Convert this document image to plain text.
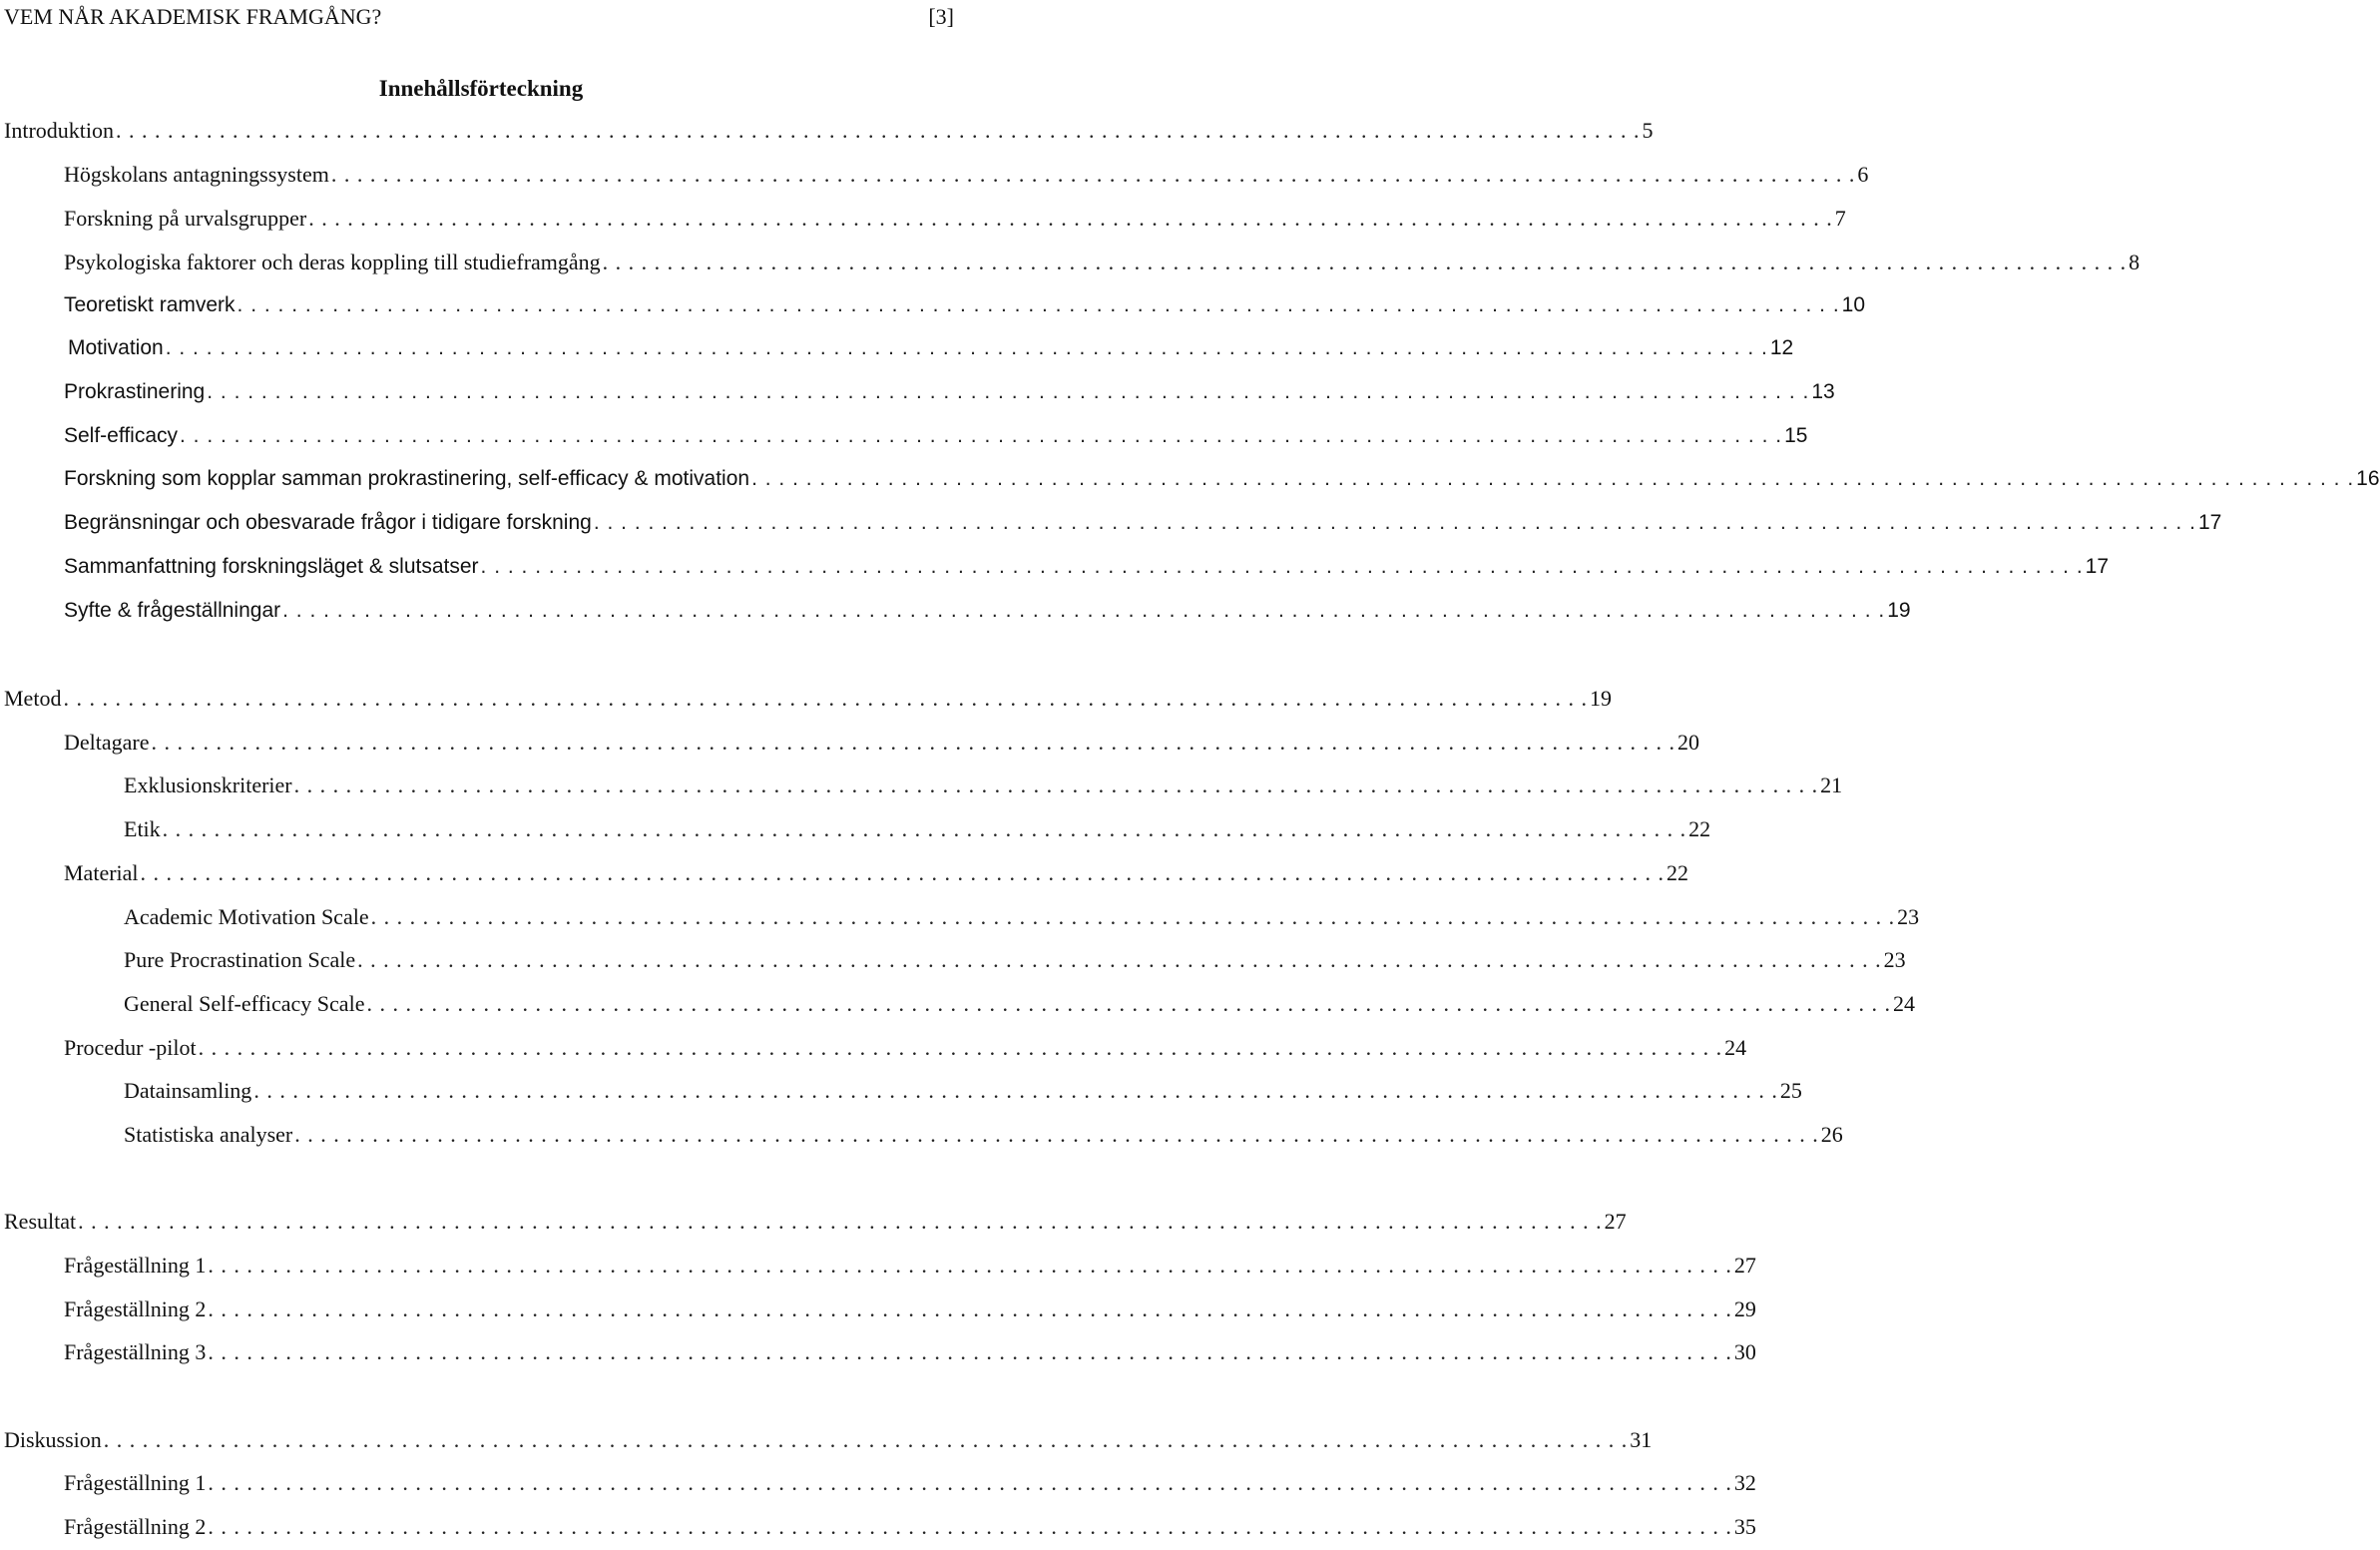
VEM NÅR AKADEMISK FRAMGÅNG?	[3]
Innehållsförteckning
Introduktion . . .	5
Högskolans antagningssystem . . .	6
Forskning på urvalsgrupper . . .	7
Psykologiska faktorer och deras koppling till studieframgång . . .	8
Teoretiskt ramverk . . .	10
Motivation . . .	12
Prokrastinering . . .	13
Self-efficacy . . .	15
Forskning som kopplar samman prokrastinering, self-efficacy & motivation . . .	16
Begränsningar och obesvarade frågor i tidigare forskning . . .	17
Sammanfattning forskningsläget & slutsatser . . .	17
Syfte & frågeställningar . . .	19
Metod . . .	19
Deltagare . . .	20
Exklusionskriterier . . .	21
Etik . . .	22
Material . . .	22
Academic Motivation Scale . . .	23
Pure Procrastination Scale . . .	23
General Self-efficacy Scale . . .	24
Procedur -pilot . . .	24
Datainsamling . . .	25
Statistiska analyser . . .	26
Resultat . . .	27
Frågeställning 1 . . .	27
Frågeställning 2 . . .	29
Frågeställning 3 . . .	30
Diskussion . . .	31
Frågeställning 1 . . .	32
Frågeställning 2 . . .	35
